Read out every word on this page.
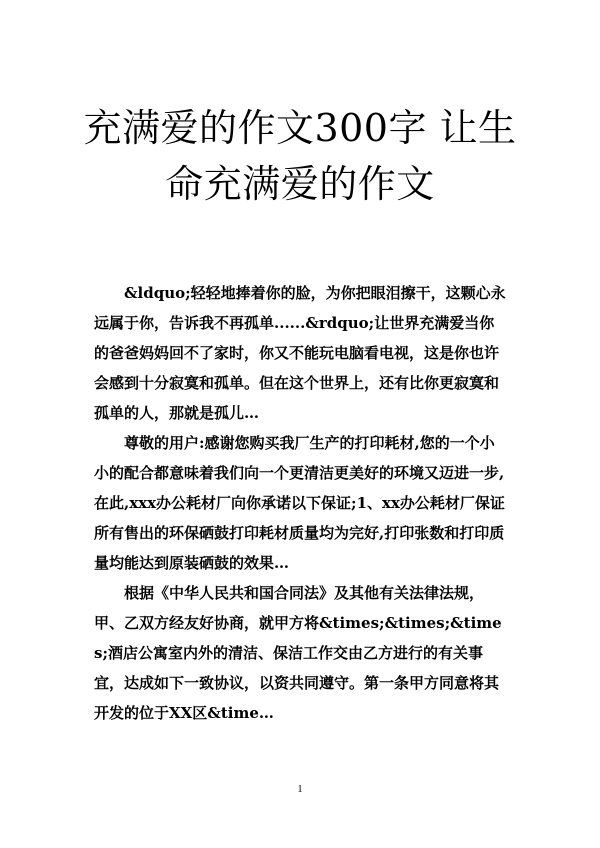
充满爱的作文300字 让生命充满爱的作文

&ldquo;轻轻地捧着你的脸，为你把眼泪擦干，这颗心永远属于你，告诉我不再孤单......&rdquo;让世界充满爱当你的爸爸妈妈回不了家时，你又不能玩电脑看电视，这是你也许会感到十分寂寞和孤单。但在这个世界上，还有比你更寂寞和孤单的人，那就是孤儿…

尊敬的用户:感谢您购买我厂生产的打印耗材,您的一个小小的配合都意味着我们向一个更清洁更美好的环境又迈进一步,在此,xxx办公耗材厂向你承诺以下保证;1、xx办公耗材厂保证所有售出的环保硒鼓打印耗材质量均为完好,打印张数和打印质量均能达到原装硒鼓的效果…

根据《中华人民共和国合同法》及其他有关法律法规，甲、乙双方经友好协商，就甲方将&times;&times;&times;酒店公寓室内外的清洁、保洁工作交由乙方进行的有关事宜，达成如下一致协议，以资共同遵守。第一条甲方同意将其开发的位于XX区&time…

1
